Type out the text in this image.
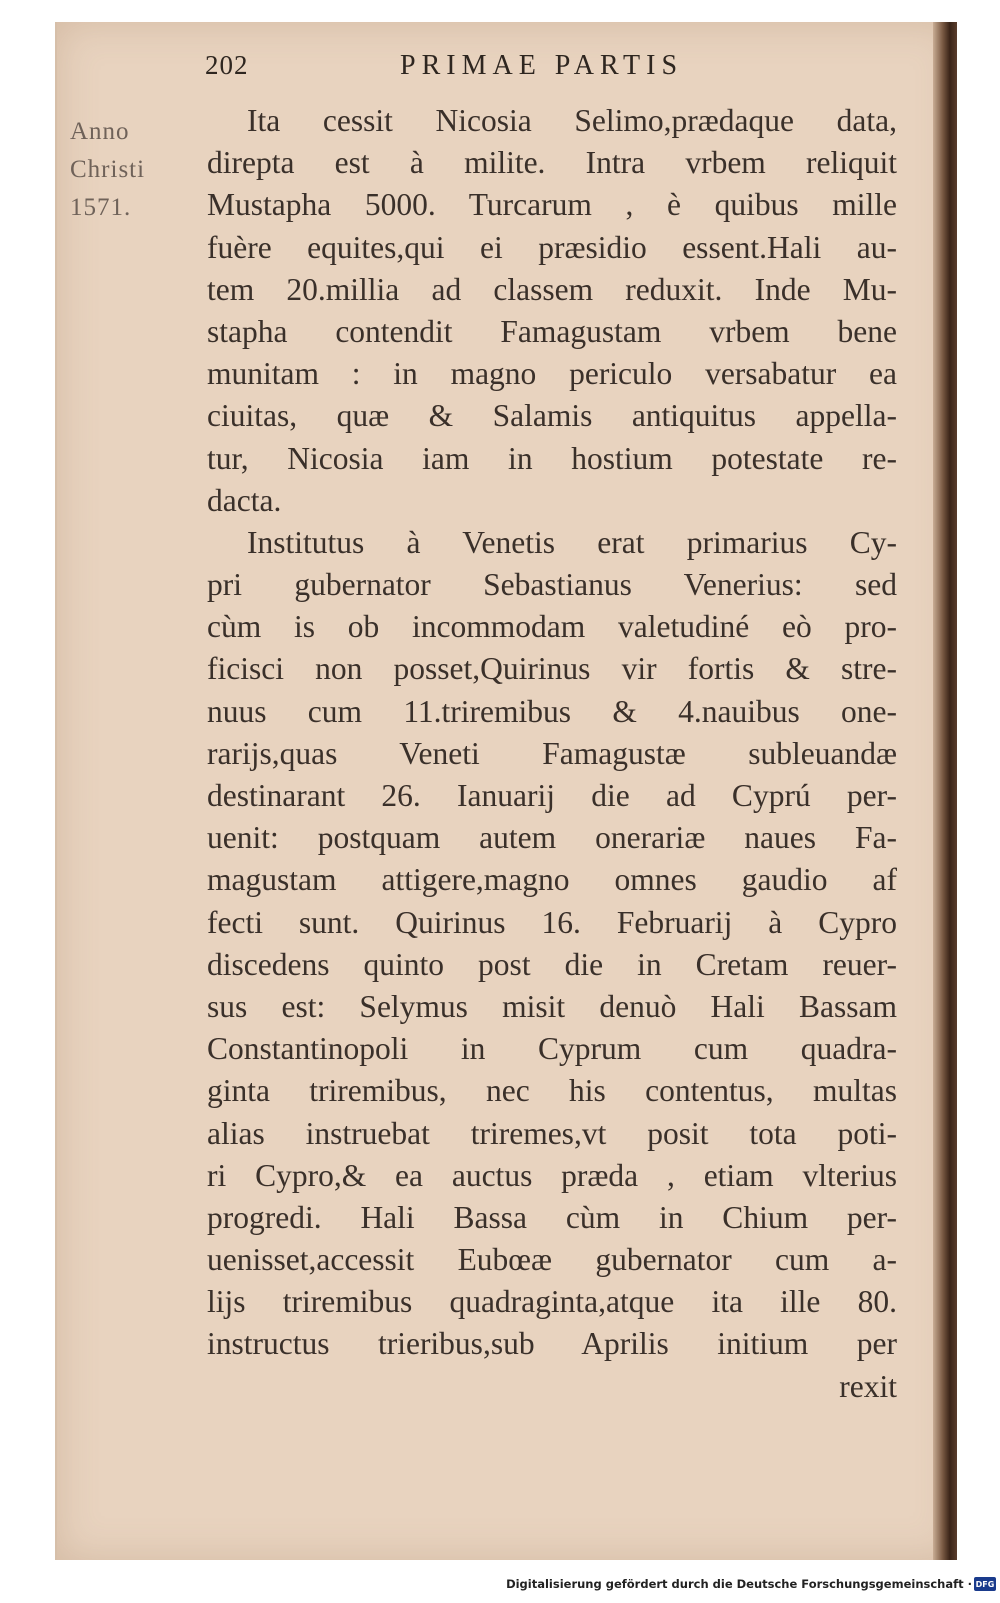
202	PRIMAE PARTIS
Anno
Christi
1571.
Ita cessit Nicosia Selimo,prædaque data,
direpta est à milite. Intra vrbem reliquit
Mustapha 5000. Turcarum , è quibus mille
fuère equites,qui ei præsidio essent.Hali au-
tem 20.millia ad classem reduxit. Inde Mu-
stapha contendit Famagustam vrbem bene
munitam : in magno periculo versabatur ea
ciuitas, quæ & Salamis antiquitus appella-
tur, Nicosia iam in hostium potestate re-
dacta.
Institutus à Venetis erat primarius Cy-
pri gubernator Sebastianus Venerius: sed
cùm is ob incommodam valetudiné eò pro-
ficisci non posset,Quirinus vir fortis & stre-
nuus cum 11.triremibus & 4.nauibus one-
rarijs,quas Veneti Famagustæ subleuandæ
destinarant 26. Ianuarij die ad Cyprú per-
uenit: postquam autem onerariæ naues Fa-
magustam attigere,magno omnes gaudio af
fecti sunt. Quirinus 16. Februarij à Cypro
discedens quinto post die in Cretam reuer-
sus est: Selymus misit denuò Hali Bassam
Constantinopoli in Cyprum cum quadra-
ginta triremibus, nec his contentus, multas
alias instruebat triremes,vt posit tota poti-
ri Cypro,& ea auctus præda , etiam vlterius
progredi. Hali Bassa cùm in Chium per-
uenisset,accessit Eubœæ gubernator cum a-
lijs triremibus quadraginta,atque ita ille 80.
instructus trieribus,sub Aprilis initium per
rexit
Digitalisierung gefördert durch die Deutsche Forschungsgemeinschaft · DFG
